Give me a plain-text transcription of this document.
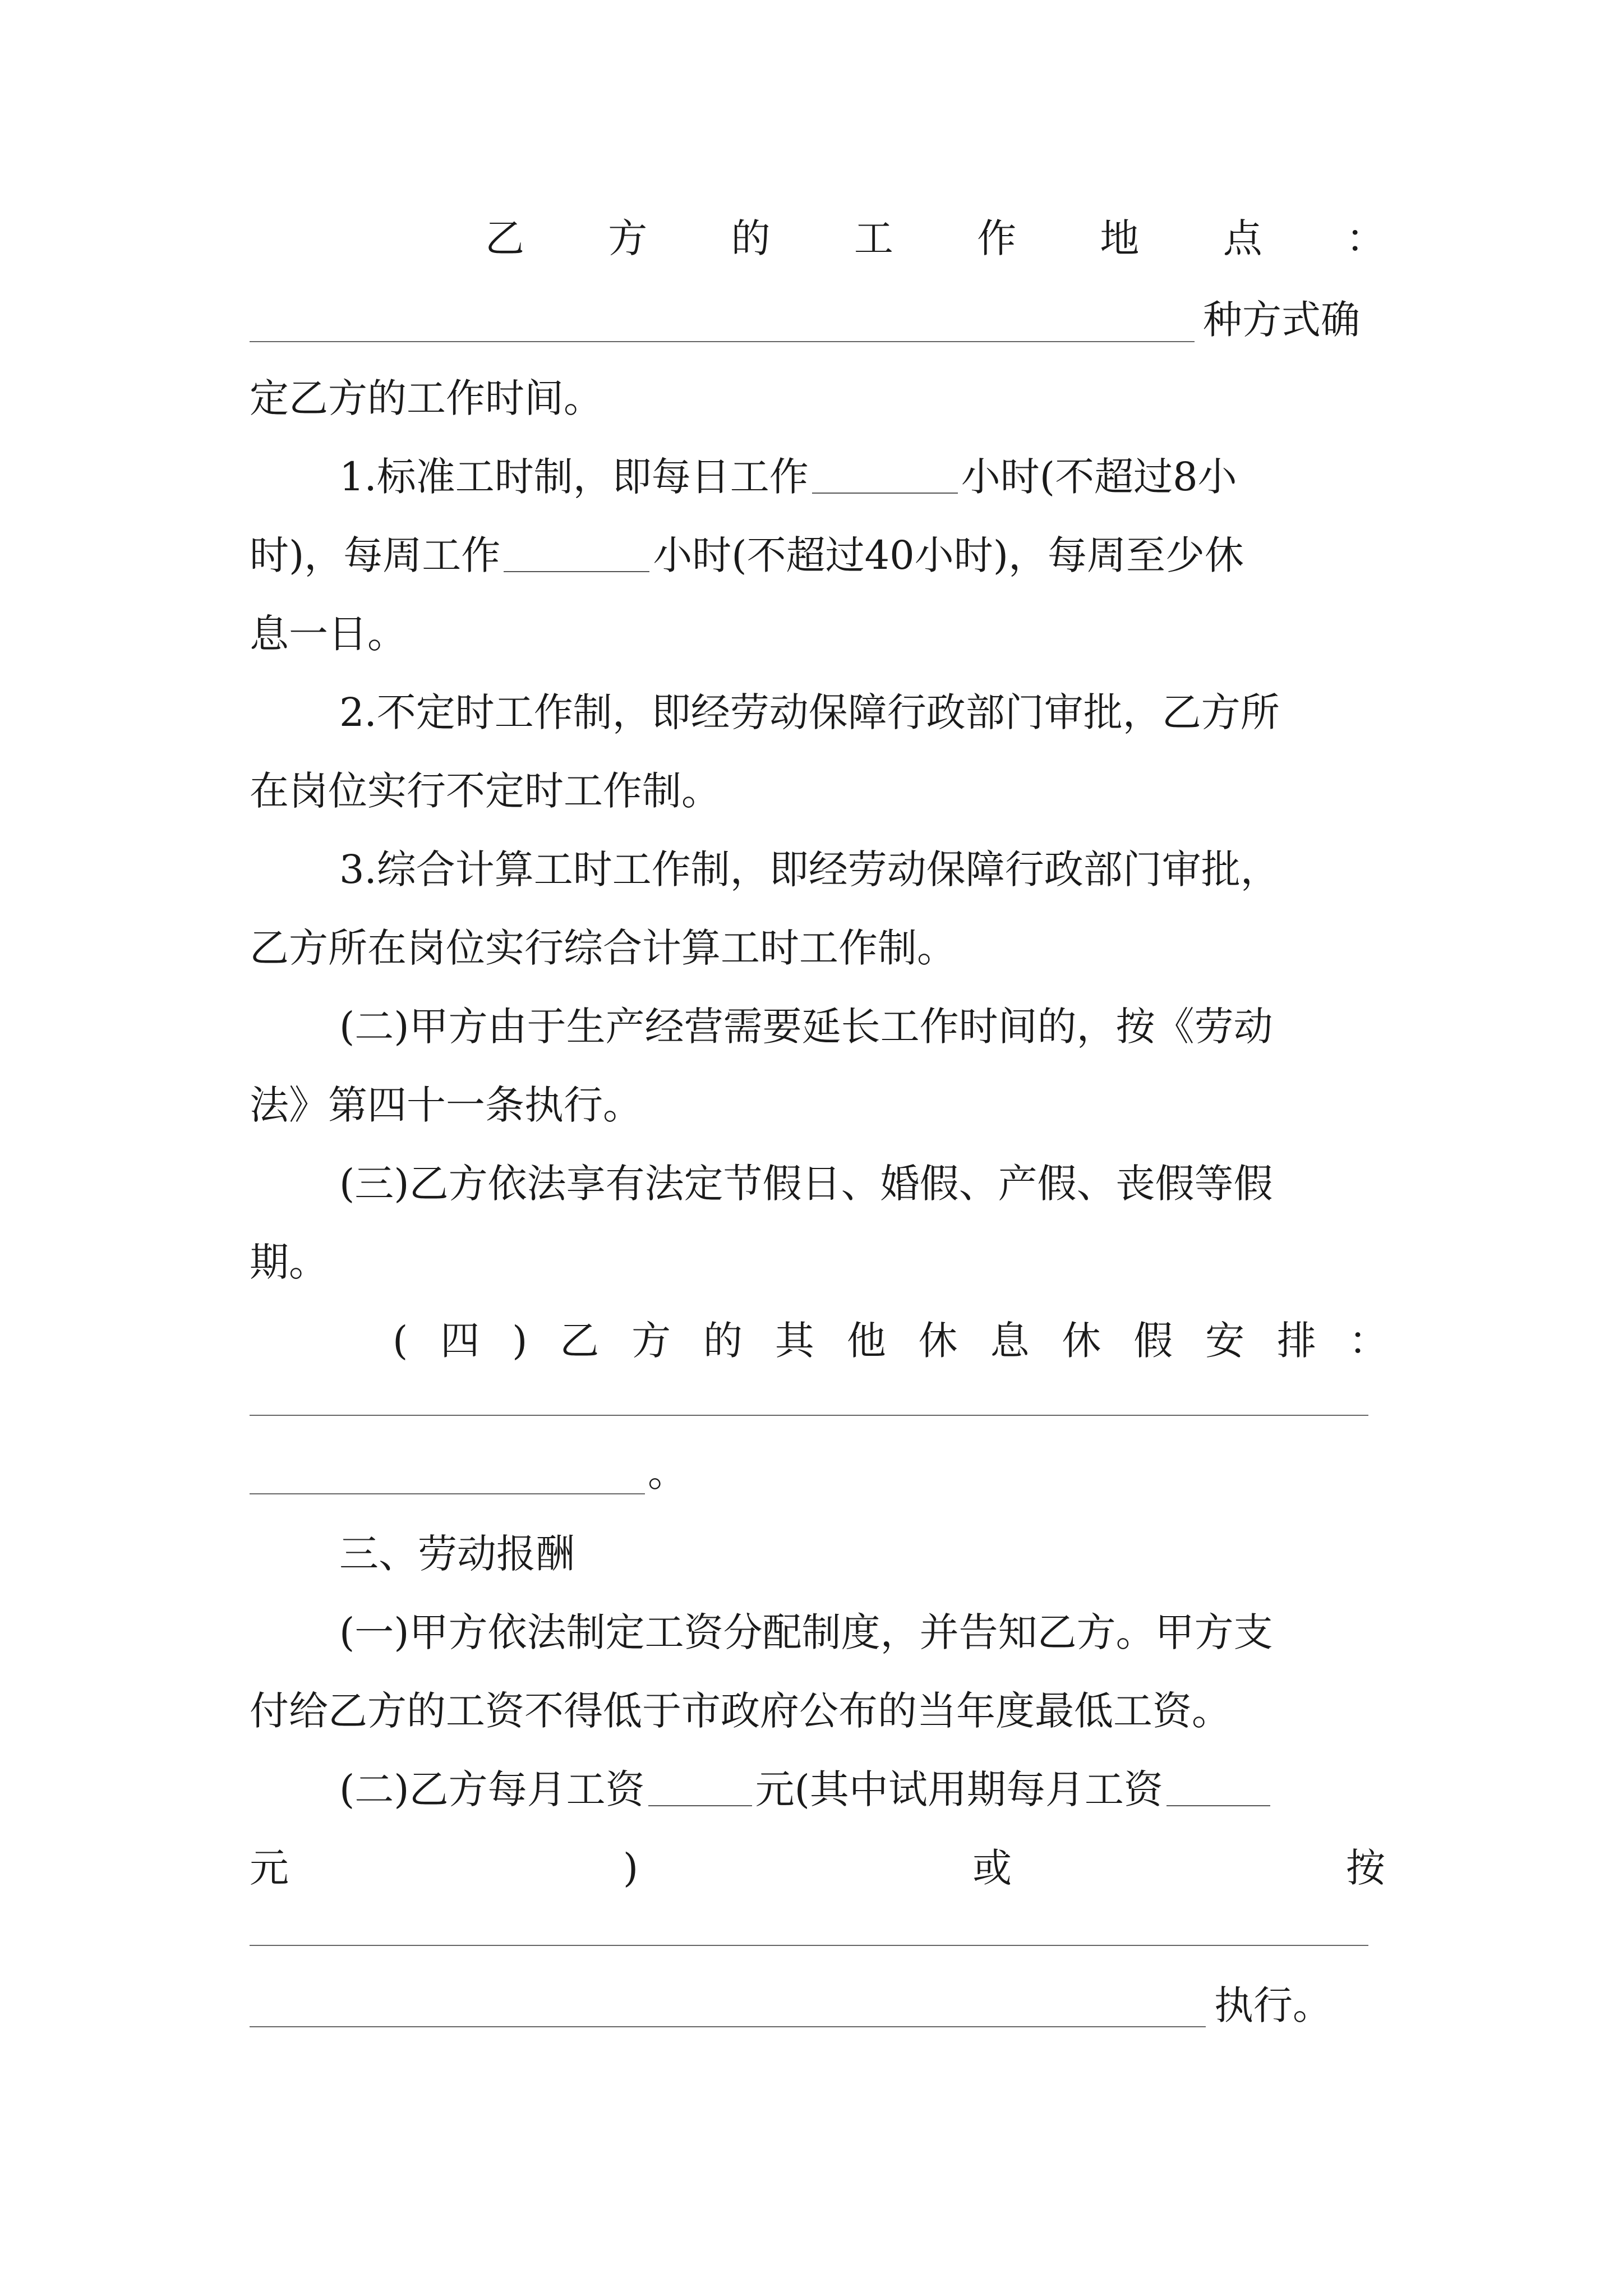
乙 方 的 工 作 地 点 ：
种方式确
定乙方的工作时间。
1.标准工时制，即每日工作	小时(不超过8小
时)，每周工作	小时(不超过40小时)，每周至少休
息一日。
2.不定时工作制，即经劳动保障行政部门审批，乙方所
在岗位实行不定时工作制。
3.综合计算工时工作制，即经劳动保障行政部门审批，
乙方所在岗位实行综合计算工时工作制。
(二)甲方由于生产经营需要延长工作时间的，按《劳动
法》第四十一条执行。
(三)乙方依法享有法定节假日、婚假、产假、丧假等假
期。
( 四 ) 乙 方 的 其 他 休 息 休 假 安 排 ：
。
三、劳动报酬
(一)甲方依法制定工资分配制度，并告知乙方。甲方支
付给乙方的工资不得低于市政府公布的当年度最低工资。
(二)乙方每月工资	元(其中试用期每月工资
元	)	或	按
执行。
